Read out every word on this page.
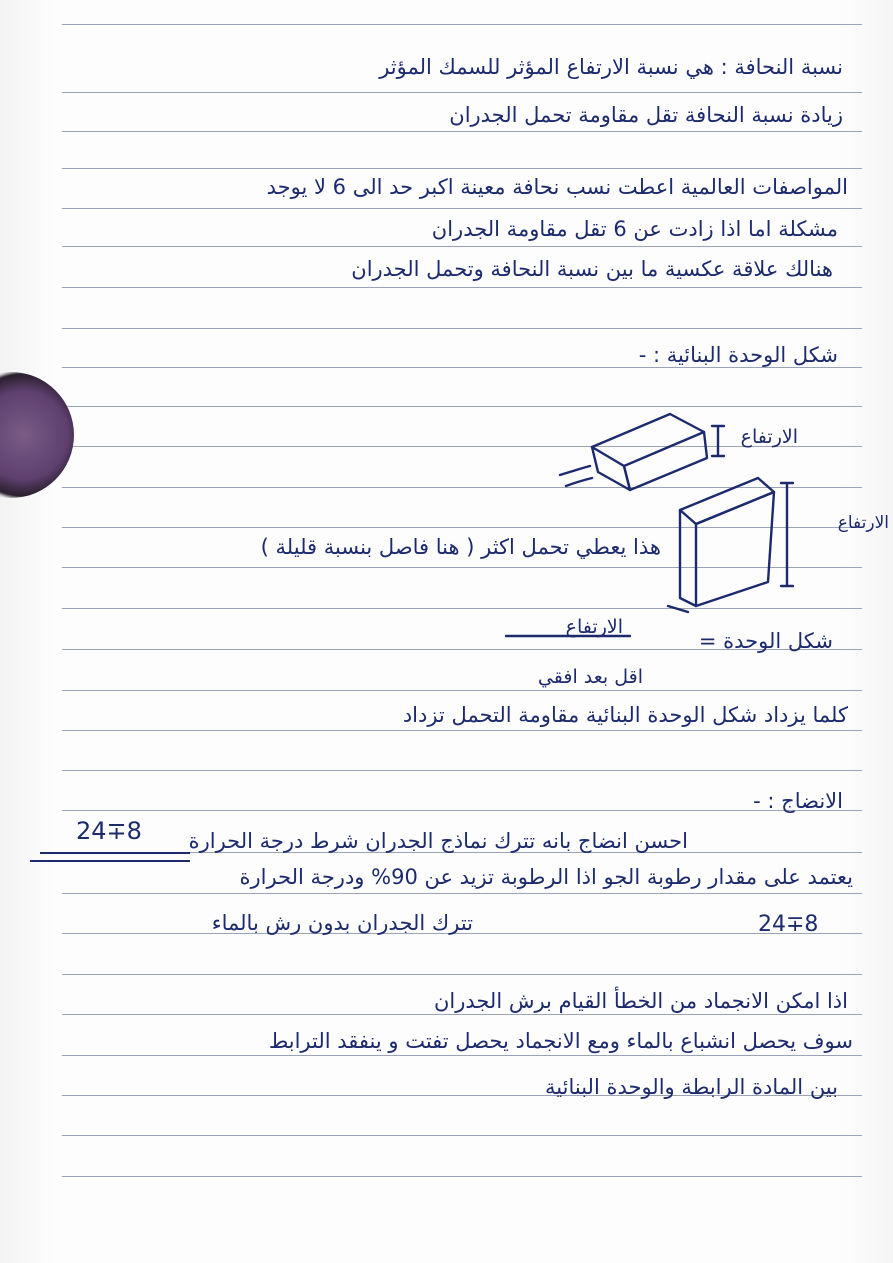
نسبة النحافة : هي نسبة الارتفاع المؤثر للسمك المؤثر
زيادة نسبة النحافة تقل مقاومة تحمل الجدران
المواصفات العالمية اعطت نسب نحافة معينة اكبر حد الى 6 لا يوجد
مشكلة اما اذا زادت عن 6 تقل مقاومة الجدران
هنالك علاقة عكسية ما بين نسبة النحافة وتحمل الجدران
شكل الوحدة البنائية : -
الارتفاع
الارتفاع
هذا يعطي تحمل اكثر ( هنا فاصل بنسبة قليلة )
شكل الوحدة =
الارتفاع
اقل بعد افقي
كلما يزداد شكل الوحدة البنائية مقاومة التحمل تزداد
الانضاج : -
احسن انضاج بانه تترك نماذج الجدران شرط درجة الحرارة
24∓8
يعتمد على مقدار رطوبة الجو اذا الرطوبة تزيد عن 90% ودرجة الحرارة
تترك الجدران بدون رش بالماء	24∓8
اذا امكن الانجماد من الخطأ القيام برش الجدران
سوف يحصل انشباع بالماء ومع الانجماد يحصل تفتت و ينفقد الترابط
بين المادة الرابطة والوحدة البنائية
